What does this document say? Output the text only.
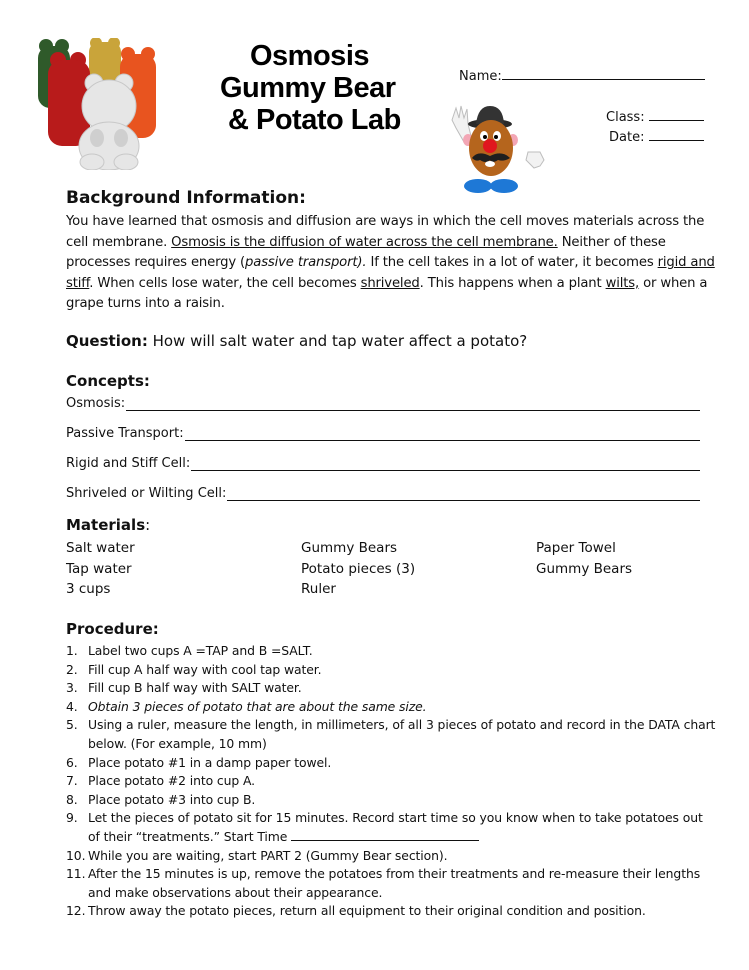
Osmosis
Gummy Bear
& Potato Lab
Name:
Class:
Date:
Background Information:
You have learned that osmosis and diffusion are ways in which the cell moves materials across the cell membrane. Osmosis is the diffusion of water across the cell membrane. Neither of these processes requires energy (passive transport). If the cell takes in a lot of water, it becomes rigid and stiff. When cells lose water, the cell becomes shriveled. This happens when a plant wilts, or when a grape turns into a raisin.
Question: How will salt water and tap water affect a potato?
Concepts:
Osmosis:
Passive Transport:
Rigid and Stiff Cell:
Shriveled or Wilting Cell:
Materials:
Salt water
Tap water
3 cups
Gummy Bears
Potato pieces (3)
Ruler
Paper Towel
Gummy Bears
Procedure:
1. Label two cups A =TAP and B =SALT.
2. Fill cup A half way with cool tap water.
3. Fill cup B half way with SALT water.
4. Obtain 3 pieces of potato that are about the same size.
5. Using a ruler, measure the length, in millimeters, of all 3 pieces of potato and record in the DATA chart below. (For example, 10 mm)
6. Place potato #1 in a damp paper towel.
7. Place potato #2 into cup A.
8. Place potato #3 into cup B.
9. Let the pieces of potato sit for 15 minutes. Record start time so you know when to take potatoes out of their “treatments.” Start Time
10. While you are waiting, start PART 2 (Gummy Bear section).
11. After the 15 minutes is up, remove the potatoes from their treatments and re-measure their lengths and make observations about their appearance.
12. Throw away the potato pieces, return all equipment to their original condition and position.
